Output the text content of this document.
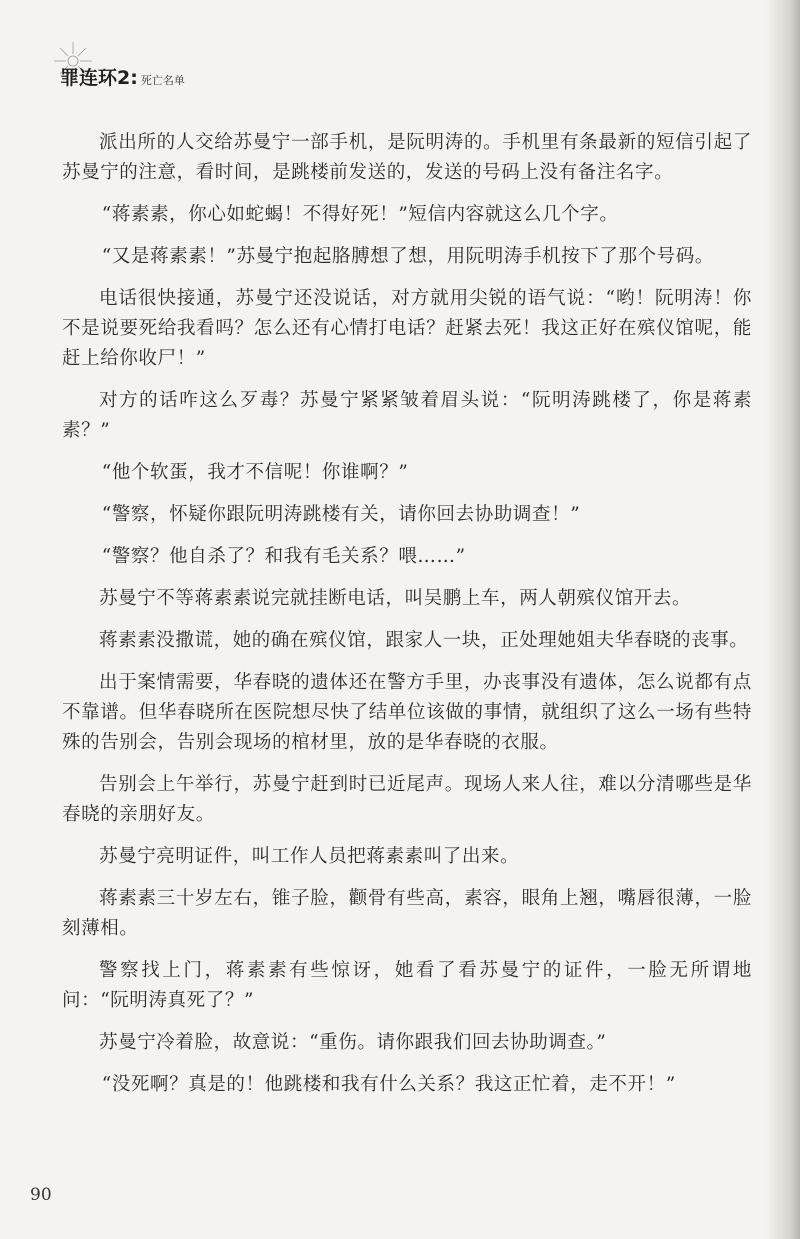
罪连环2: 死亡名单

派出所的人交给苏曼宁一部手机，是阮明涛的。手机里有条最新的短信引起了苏曼宁的注意，看时间，是跳楼前发送的，发送的号码上没有备注名字。

“蒋素素，你心如蛇蝎！不得好死！”短信内容就这么几个字。

“又是蒋素素！”苏曼宁抱起胳膊想了想，用阮明涛手机按下了那个号码。

电话很快接通，苏曼宁还没说话，对方就用尖锐的语气说：“哟！阮明涛！你不是说要死给我看吗？怎么还有心情打电话？赶紧去死！我这正好在殡仪馆呢，能赶上给你收尸！”

对方的话咋这么歹毒？苏曼宁紧紧皱着眉头说：“阮明涛跳楼了，你是蒋素素？”

“他个软蛋，我才不信呢！你谁啊？”

“警察，怀疑你跟阮明涛跳楼有关，请你回去协助调查！”

“警察？他自杀了？和我有毛关系？喂……”

苏曼宁不等蒋素素说完就挂断电话，叫吴鹏上车，两人朝殡仪馆开去。

蒋素素没撒谎，她的确在殡仪馆，跟家人一块，正处理她姐夫华春晓的丧事。

出于案情需要，华春晓的遗体还在警方手里，办丧事没有遗体，怎么说都有点不靠谱。但华春晓所在医院想尽快了结单位该做的事情，就组织了这么一场有些特殊的告别会，告别会现场的棺材里，放的是华春晓的衣服。

告别会上午举行，苏曼宁赶到时已近尾声。现场人来人往，难以分清哪些是华春晓的亲朋好友。

苏曼宁亮明证件，叫工作人员把蒋素素叫了出来。

蒋素素三十岁左右，锥子脸，颧骨有些高，素容，眼角上翘，嘴唇很薄，一脸刻薄相。

警察找上门，蒋素素有些惊讶，她看了看苏曼宁的证件，一脸无所谓地问：“阮明涛真死了？”

苏曼宁冷着脸，故意说：“重伤。请你跟我们回去协助调查。”

“没死啊？真是的！他跳楼和我有什么关系？我这正忙着，走不开！”

90
